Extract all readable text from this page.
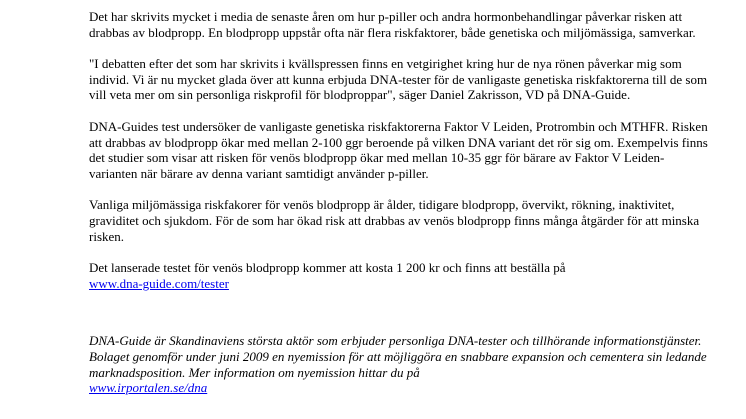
Det har skrivits mycket i media de senaste åren om hur p-piller och andra hormonbehandlingar påverkar risken att drabbas av blodpropp. En blodpropp uppstår ofta när flera riskfaktorer, både genetiska och miljömässiga, samverkar.

"I debatten efter det som har skrivits i kvällspressen finns en vetgirighet kring hur de nya rönen påverkar mig som individ. Vi är nu mycket glada över att kunna erbjuda DNA-tester för de vanligaste genetiska riskfaktorerna till de som vill veta mer om sin personliga riskprofil för blodproppar", säger Daniel Zakrisson, VD på DNA-Guide.

DNA-Guides test undersöker de vanligaste genetiska riskfaktorerna Faktor V Leiden, Protrombin och MTHFR. Risken att drabbas av blodpropp ökar med mellan 2-100 ggr beroende på vilken DNA variant det rör sig om. Exempelvis finns det studier som visar att risken för venös blodpropp ökar med mellan 10-35 ggr för bärare av Faktor V Leiden-varianten när bärare av denna variant samtidigt använder p-piller.

Vanliga miljömässiga riskfakorer för venös blodpropp är ålder, tidigare blodpropp, övervikt, rökning, inaktivitet, graviditet och sjukdom. För de som har ökad risk att drabbas av venös blodpropp finns många åtgärder för att minska risken.

Det lanserade testet för venös blodpropp kommer att kosta 1 200 kr och finns att beställa på
www.dna-guide.com/tester

DNA-Guide är Skandinaviens största aktör som erbjuder personliga DNA-tester och tillhörande informationstjänster. Bolaget genomför under juni 2009 en nyemission för att möjliggöra en snabbare expansion och cementera sin ledande marknadsposition. Mer information om nyemission hittar du på
www.irportalen.se/dna
